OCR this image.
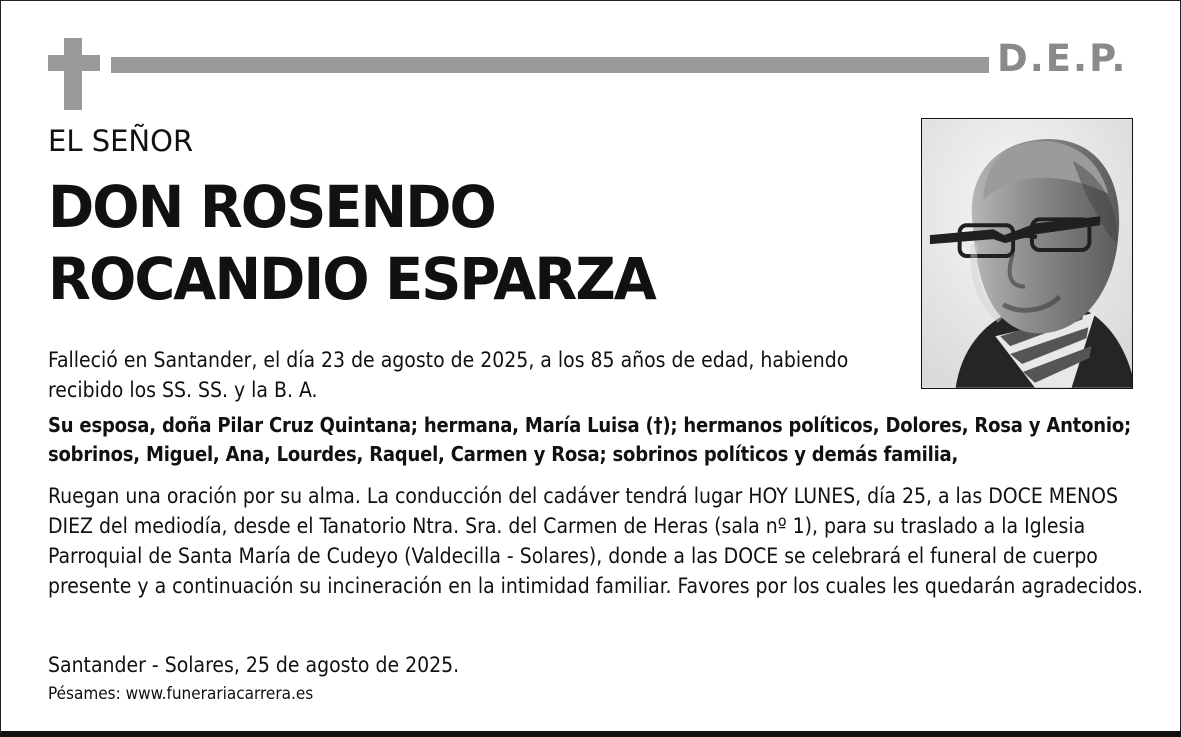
D.E.P.
EL SEÑOR
DON ROSENDO
ROCANDIO ESPARZA

Falleció en Santander, el día 23 de agosto de 2025, a los 85 años de edad, habiendo recibido los SS. SS. y la B. A.

Su esposa, doña Pilar Cruz Quintana; hermana, María Luisa (†); hermanos políticos, Dolores, Rosa y Antonio; sobrinos, Miguel, Ana, Lourdes, Raquel, Carmen y Rosa; sobrinos políticos y demás familia,

Ruegan una oración por su alma. La conducción del cadáver tendrá lugar HOY LUNES, día 25, a las DOCE MENOS DIEZ del mediodía, desde el Tanatorio Ntra. Sra. del Carmen de Heras (sala nº 1), para su traslado a la Iglesia Parroquial de Santa María de Cudeyo (Valdecilla - Solares), donde a las DOCE se celebrará el funeral de cuerpo presente y a continuación su incineración en la intimidad familiar. Favores por los cuales les quedarán agradecidos.

Santander - Solares, 25 de agosto de 2025.
Pésames: www.funerariacarrera.es
